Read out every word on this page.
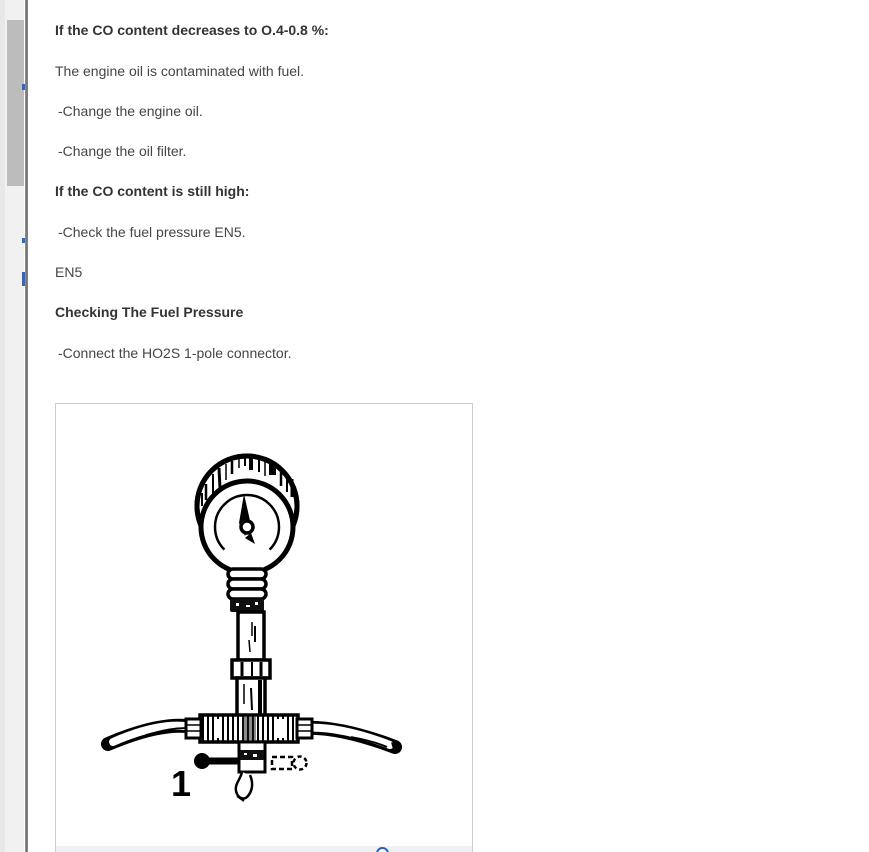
If the CO content decreases to O.4-0.8 %:
The engine oil is contaminated with fuel.
-Change the engine oil.
-Change the oil filter.
If the CO content is still high:
-Check the fuel pressure EN5.
EN5
Checking The Fuel Pressure
-Connect the HO2S 1-pole connector.
1
